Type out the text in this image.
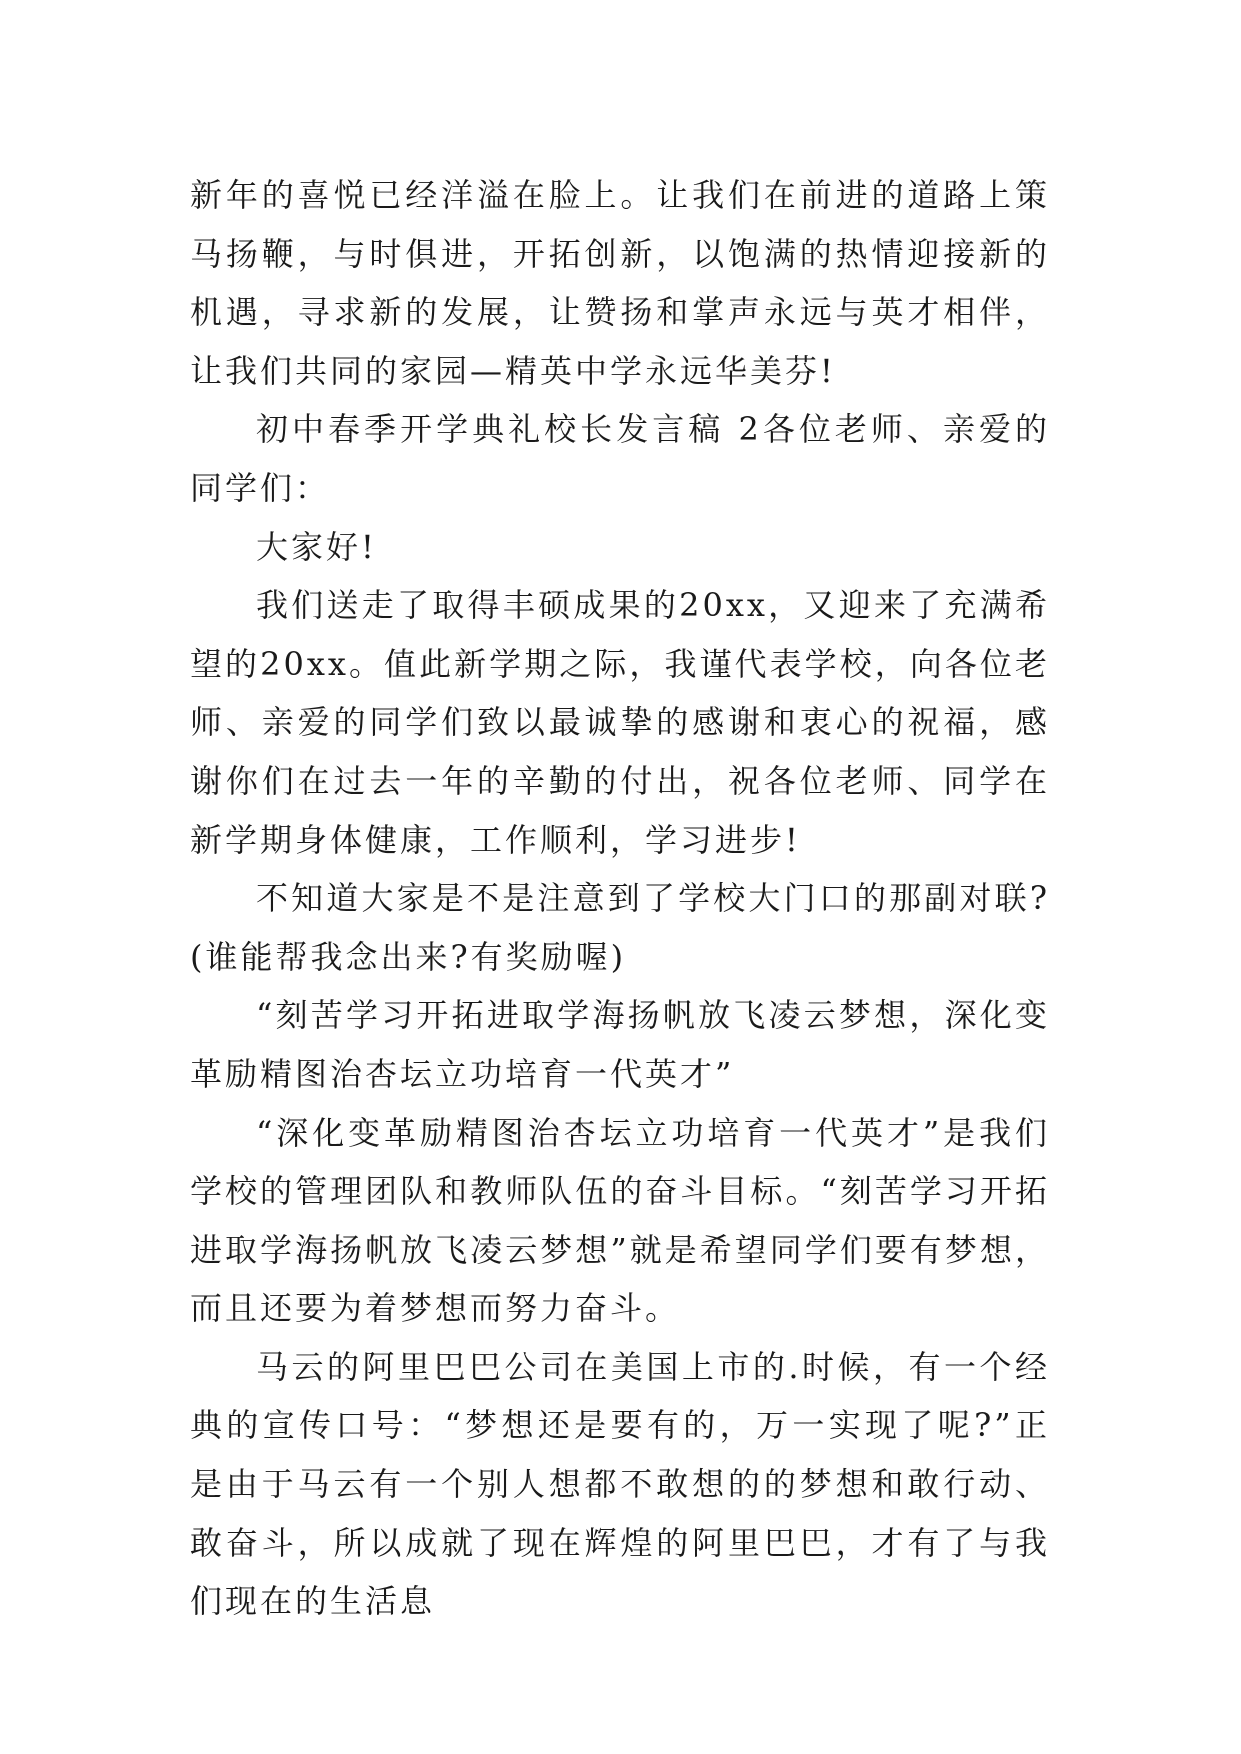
新年的喜悦已经洋溢在脸上。让我们在前进的道路上策马扬鞭，与时俱进，开拓创新，以饱满的热情迎接新的机遇，寻求新的发展，让赞扬和掌声永远与英才相伴，让我们共同的家园—精英中学永远华美芬!

初中春季开学典礼校长发言稿 2各位老师、亲爱的同学们：

大家好!

我们送走了取得丰硕成果的20xx，又迎来了充满希望的20xx。值此新学期之际，我谨代表学校，向各位老师、亲爱的同学们致以最诚挚的感谢和衷心的祝福，感谢你们在过去一年的辛勤的付出，祝各位老师、同学在新学期身体健康，工作顺利，学习进步!

不知道大家是不是注意到了学校大门口的那副对联?(谁能帮我念出来?有奖励喔)

“刻苦学习开拓进取学海扬帆放飞凌云梦想，深化变革励精图治杏坛立功培育一代英才”

“深化变革励精图治杏坛立功培育一代英才”是我们学校的管理团队和教师队伍的奋斗目标。“刻苦学习开拓进取学海扬帆放飞凌云梦想”就是希望同学们要有梦想，而且还要为着梦想而努力奋斗。

马云的阿里巴巴公司在美国上市的.时候，有一个经典的宣传口号：“梦想还是要有的，万一实现了呢?”正是由于马云有一个别人想都不敢想的的梦想和敢行动、敢奋斗，所以成就了现在辉煌的阿里巴巴，才有了与我们现在的生活息
